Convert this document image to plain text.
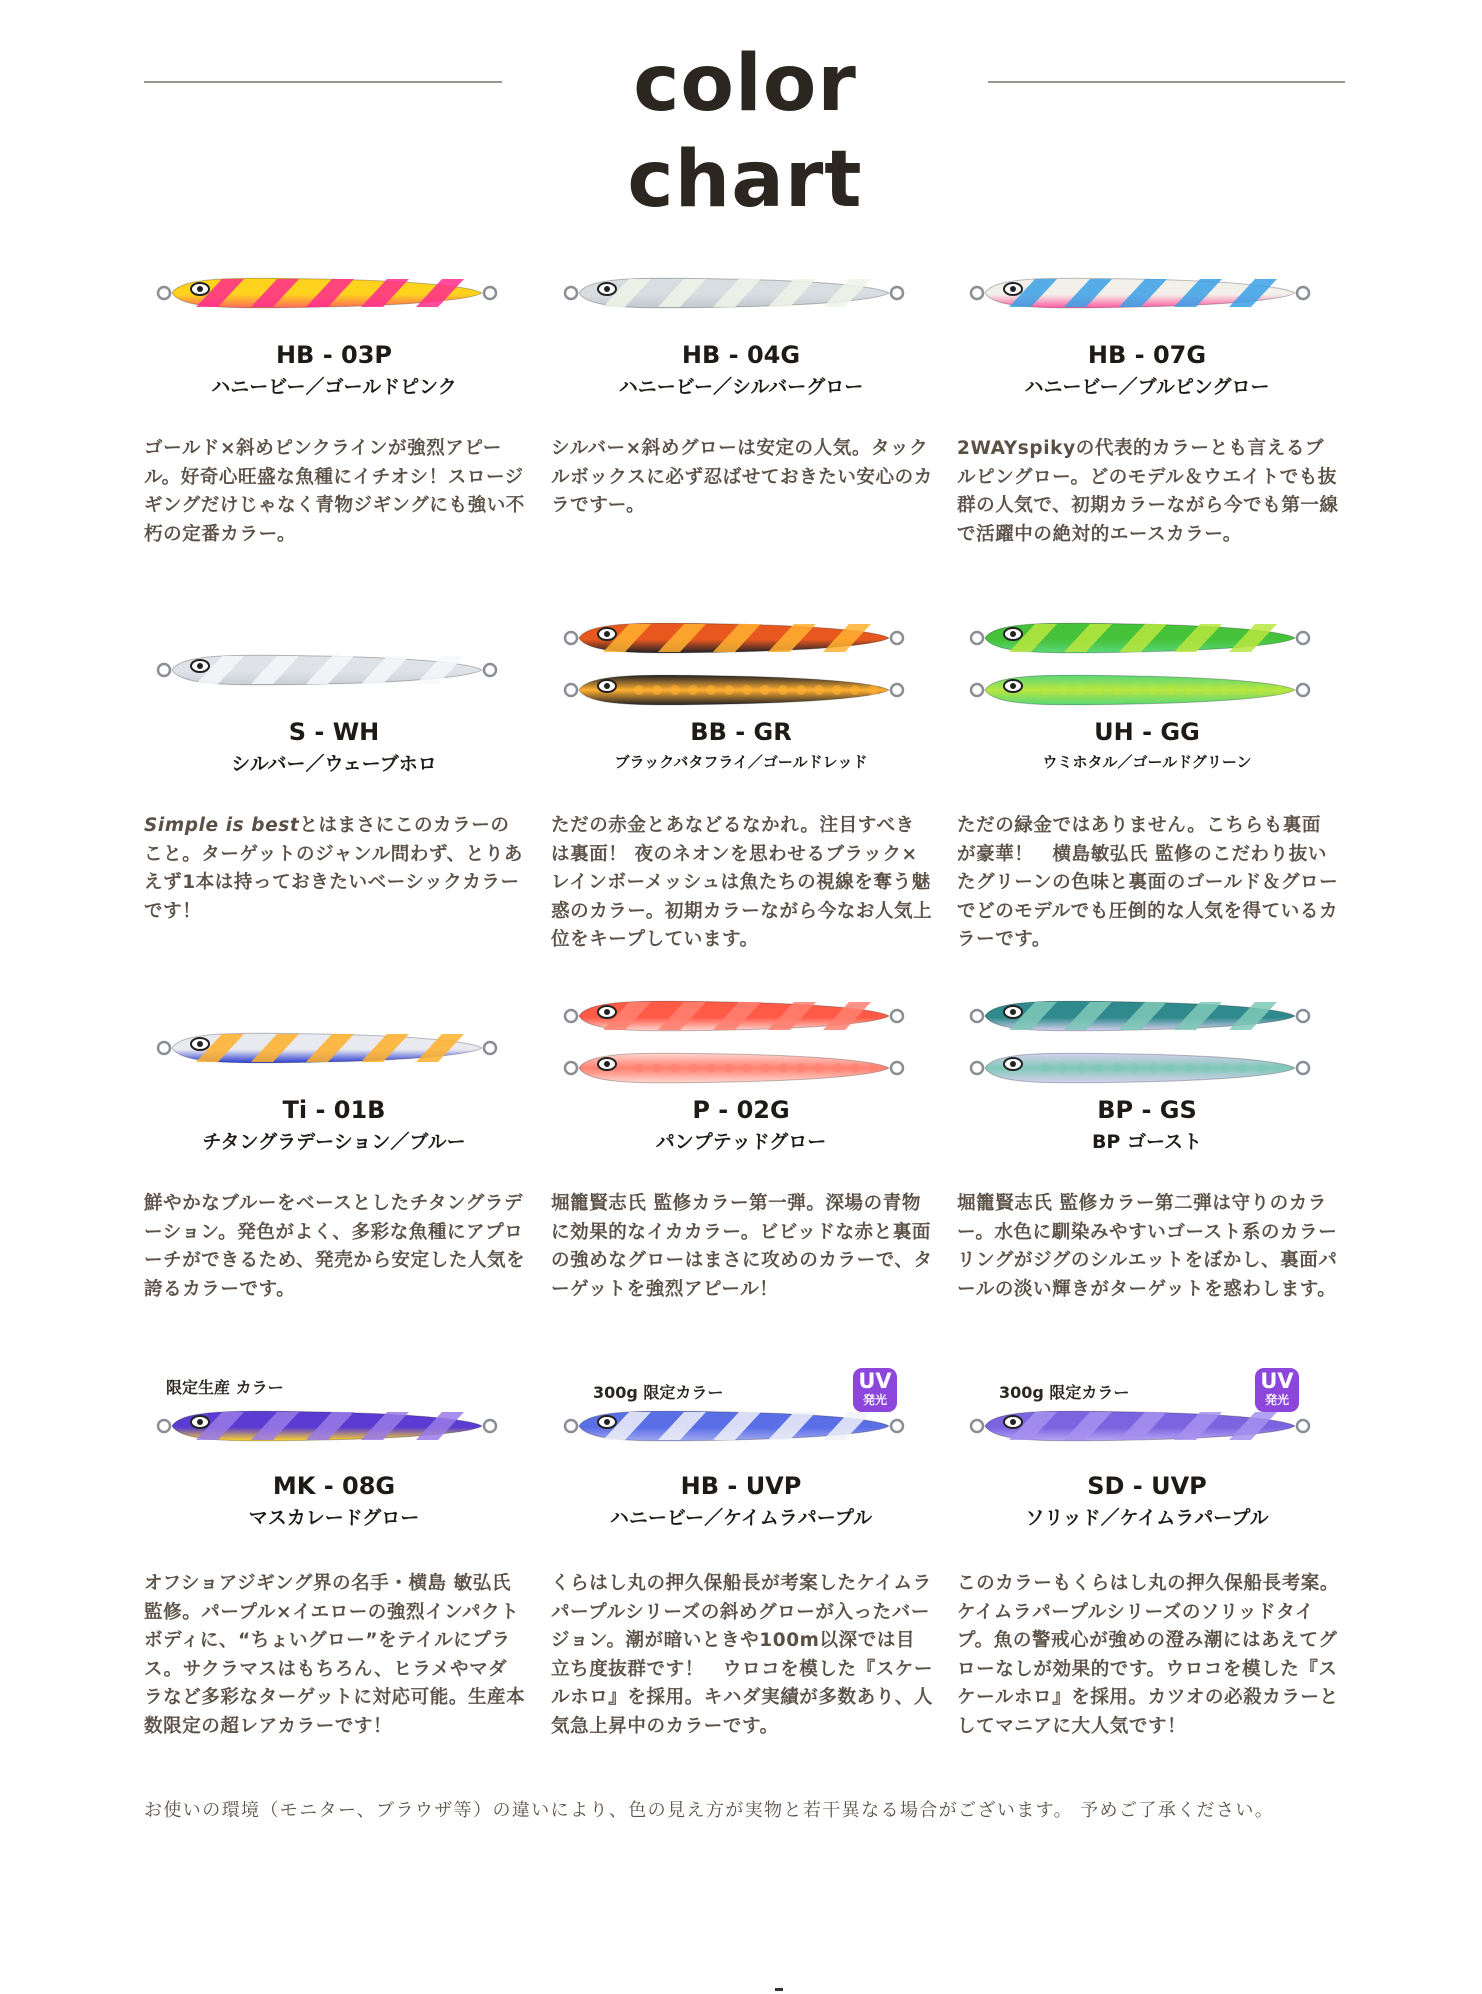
color chart
HB - 03P
ハニービー／ゴールドピンク
ゴールド×斜めピンクラインが強烈アピール。好奇心旺盛な魚種にイチオシ！スロージギングだけじゃなく青物ジギングにも強い不朽の定番カラー。
HB - 04G
ハニービー／シルバーグロー
シルバー×斜めグローは安定の人気。タックルボックスに必ず忍ばせておきたい安心のカラですー。
HB - 07G
ハニービー／ブルピングロー
2WAYspikyの代表的カラーとも言えるブルピングロー。どのモデル＆ウエイトでも抜群の人気で、初期カラーながら今でも第一線で活躍中の絶対的エースカラー。
S - WH
シルバー／ウェーブホロ
Simple is bestとはまさにこのカラーのこと。ターゲットのジャンル問わず、とりあえず1本は持っておきたいベーシックカラーです！
BB - GR
ブラックバタフライ／ゴールドレッド
ただの赤金とあなどるなかれ。注目すべきは裏面！ 夜のネオンを思わせるブラック×レインボーメッシュは魚たちの視線を奪う魅惑のカラー。初期カラーながら今なお人気上位をキープしています。
UH - GG
ウミホタル／ゴールドグリーン
ただの緑金ではありません。こちらも裏面が豪華！　横島敏弘氏 監修のこだわり抜いたグリーンの色味と裏面のゴールド＆グローでどのモデルでも圧倒的な人気を得ているカラーです。
Ti - 01B
チタングラデーション／ブルー
鮮やかなブルーをベースとしたチタングラデーション。発色がよく、多彩な魚種にアプローチができるため、発売から安定した人気を誇るカラーです。
P - 02G
パンプテッドグロー
堀籠賢志氏 監修カラー第一弾。深場の青物に効果的なイカカラー。ビビッドな赤と裏面の強めなグローはまさに攻めのカラーで、ターゲットを強烈アピール！
BP - GS
BP ゴースト
堀籠賢志氏 監修カラー第二弾は守りのカラー。水色に馴染みやすいゴースト系のカラーリングがジグのシルエットをぼかし、裏面パールの淡い輝きがターゲットを惑わします。
限定生産 カラー
MK - 08G
マスカレードグロー
オフショアジギング界の名手・横島 敏弘氏 監修。パープル×イエローの強烈インパクトボディに、“ちょいグロー”をテイルにプラス。サクラマスはもちろん、ヒラメやマダラなど多彩なターゲットに対応可能。生産本数限定の超レアカラーです！
300g 限定カラー	UV
発光
HB - UVP
ハニービー／ケイムラパープル
くらはし丸の押久保船長が考案したケイムラパープルシリーズの斜めグローが入ったバージョン。潮が暗いときや100m以深では目立ち度抜群です！　ウロコを模した『スケールホロ』を採用。キハダ実績が多数あり、人気急上昇中のカラーです。
300g 限定カラー	UV
発光
SD - UVP
ソリッド／ケイムラパープル
このカラーもくらはし丸の押久保船長考案。ケイムラパープルシリーズのソリッドタイプ。魚の警戒心が強めの澄み潮にはあえてグローなしが効果的です。ウロコを模した『スケールホロ』を採用。カツオの必殺カラーとしてマニアに大人気です！
お使いの環境（モニター、ブラウザ等）の違いにより、色の見え方が実物と若干異なる場合がございます。 予めご了承ください。
